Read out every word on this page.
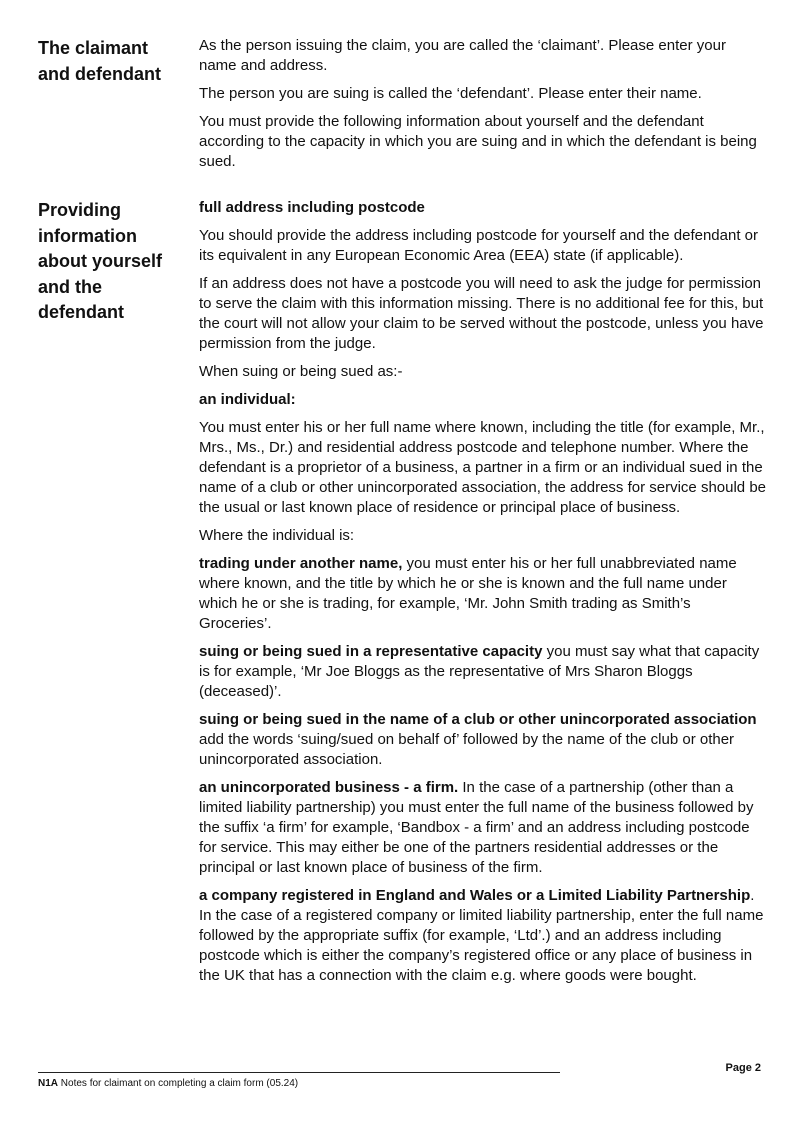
The claimant and defendant

As the person issuing the claim, you are called the ‘claimant’. Please enter your name and address.

The person you are suing is called the ‘defendant’. Please enter their name.

You must provide the following information about yourself and the defendant according to the capacity in which you are suing and in which the defendant is being sued.

Providing information about yourself and the defendant

full address including postcode

You should provide the address including postcode for yourself and the defendant or its equivalent in any European Economic Area (EEA) state (if applicable).

If an address does not have a postcode you will need to ask the judge for permission to serve the claim with this information missing. There is no additional fee for this, but the court will not allow your claim to be served without the postcode, unless you have permission from the judge.

When suing or being sued as:-

an individual:

You must enter his or her full name where known, including the title (for example, Mr., Mrs., Ms., Dr.) and residential address postcode and telephone number. Where the defendant is a proprietor of a business, a partner in a firm or an individual sued in the name of a club or other unincorporated association, the address for service should be the usual or last known place of residence or principal place of business.

Where the individual is:

trading under another name, you must enter his or her full unabbreviated name where known, and the title by which he or she is known and the full name under which he or she is trading, for example, ‘Mr. John Smith trading as Smith’s Groceries’.

suing or being sued in a representative capacity you must say what that capacity is for example, ‘Mr Joe Bloggs as the representative of Mrs Sharon Bloggs (deceased)’.

suing or being sued in the name of a club or other unincorporated association add the words ‘suing/sued on behalf of’ followed by the name of the club or other unincorporated association.

an unincorporated business - a firm. In the case of a partnership (other than a limited liability partnership) you must enter the full name of the business followed by the suffix ‘a firm’ for example, ‘Bandbox - a firm’ and an address including postcode for service. This may either be one of the partners residential addresses or the principal or last known place of business of the firm.

a company registered in England and Wales or a Limited Liability Partnership. In the case of a registered company or limited liability partnership, enter the full name followed by the appropriate suffix (for example, ‘Ltd’.) and an address including postcode which is either the company’s registered office or any place of business in the UK that has a connection with the claim e.g. where goods were bought.

Page 2
N1A Notes for claimant on completing a claim form (05.24)
